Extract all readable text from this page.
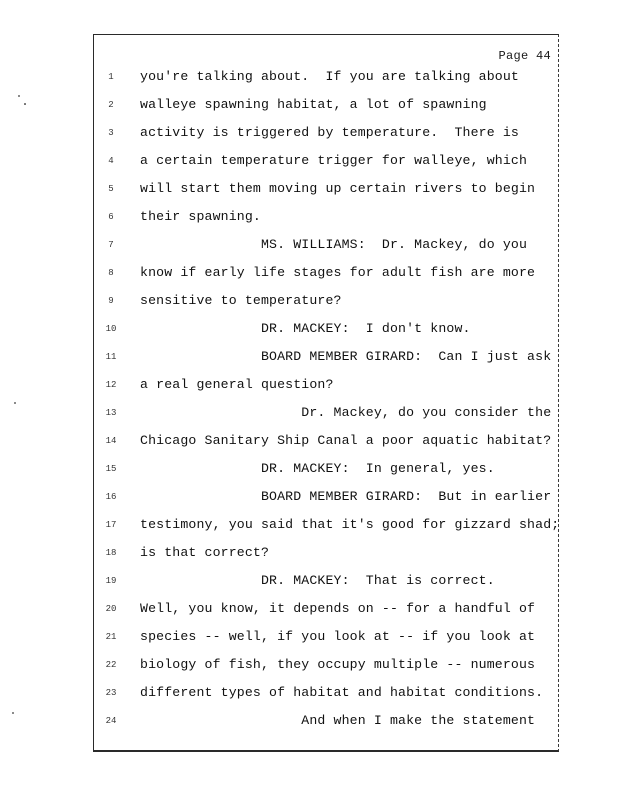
Page 44
1	you're talking about.  If you are talking about
2	walleye spawning habitat, a lot of spawning
3	activity is triggered by temperature.  There is
4	a certain temperature trigger for walleye, which
5	will start them moving up certain rivers to begin
6	their spawning.
7	MS. WILLIAMS:  Dr. Mackey, do you
8	know if early life stages for adult fish are more
9	sensitive to temperature?
10	DR. MACKEY:  I don't know.
11	BOARD MEMBER GIRARD:  Can I just ask
12	a real general question?
13	Dr. Mackey, do you consider the
14	Chicago Sanitary Ship Canal a poor aquatic habitat?
15	DR. MACKEY:  In general, yes.
16	BOARD MEMBER GIRARD:  But in earlier
17	testimony, you said that it's good for gizzard shad;
18	is that correct?
19	DR. MACKEY:  That is correct.
20	Well, you know, it depends on -- for a handful of
21	species -- well, if you look at -- if you look at
22	biology of fish, they occupy multiple -- numerous
23	different types of habitat and habitat conditions.
24	And when I make the statement
